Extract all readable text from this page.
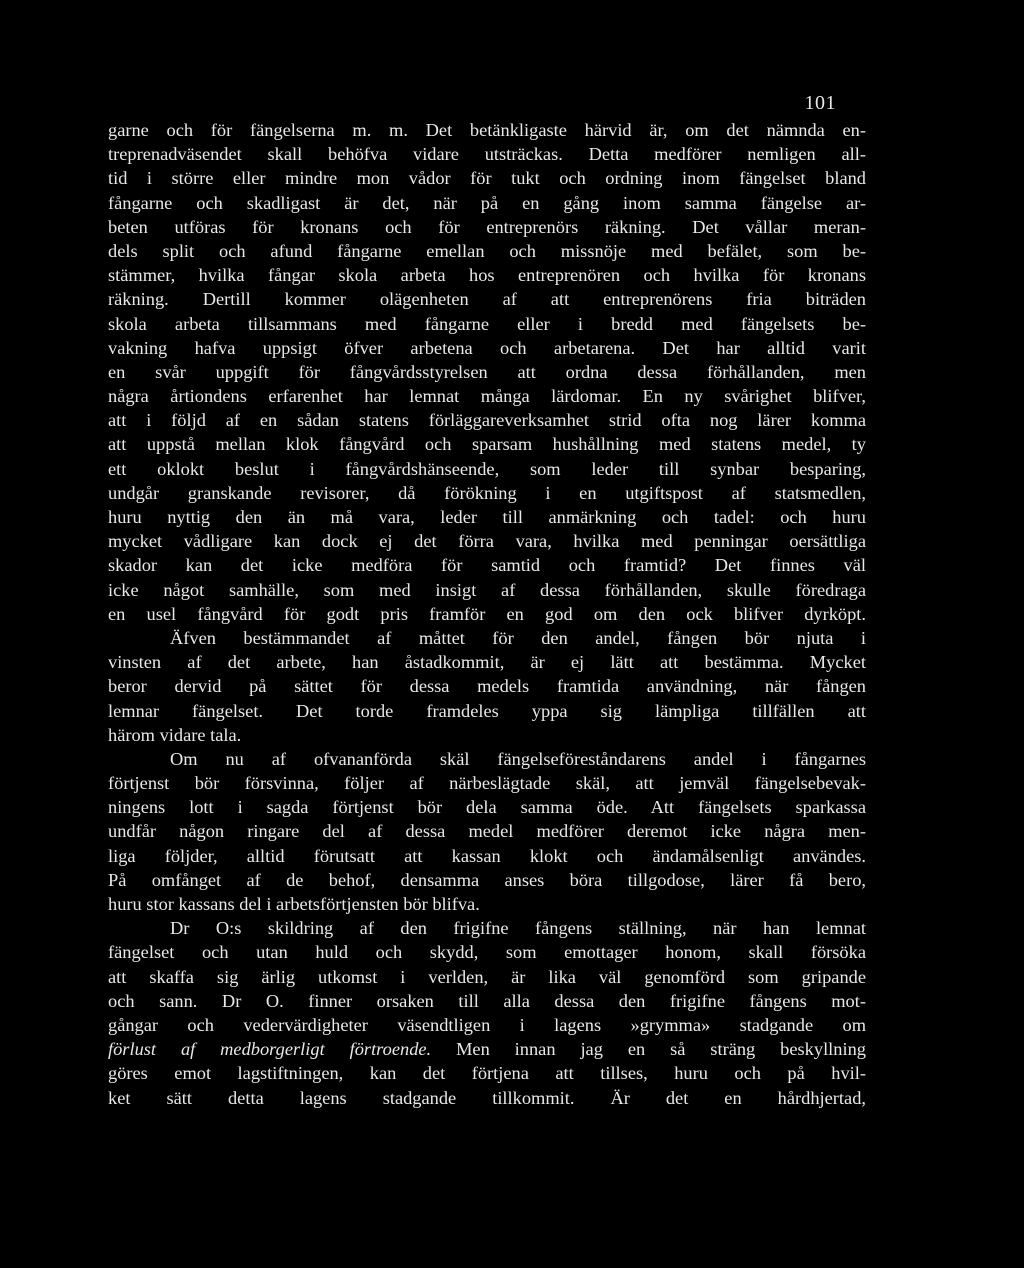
101
garne och för fängelserna m. m. Det betänkligaste härvid är, om det nämnda en-
treprenadväsendet skall behöfva vidare utsträckas. Detta medförer nemligen all-
tid i större eller mindre mon vådor för tukt och ordning inom fängelset bland
fångarne och skadligast är det, när på en gång inom samma fängelse ar-
beten utföras för kronans och för entreprenörs räkning. Det vållar meran-
dels split och afund fångarne emellan och missnöje med befälet, som be-
stämmer, hvilka fångar skola arbeta hos entreprenören och hvilka för kronans
räkning. Dertill kommer olägenheten af att entreprenörens fria biträden
skola arbeta tillsammans med fångarne eller i bredd med fängelsets be-
vakning hafva uppsigt öfver arbetena och arbetarena. Det har alltid varit
en svår uppgift för fångvårdsstyrelsen att ordna dessa förhållanden, men
några årtiondens erfarenhet har lemnat många lärdomar. En ny svårighet blifver,
att i följd af en sådan statens förläggareverksamhet strid ofta nog lärer komma
att uppstå mellan klok fångvård och sparsam hushållning med statens medel, ty
ett oklokt beslut i fångvårdshänseende, som leder till synbar besparing,
undgår granskande revisorer, då förökning i en utgiftspost af statsmedlen,
huru nyttig den än må vara, leder till anmärkning och tadel: och huru
mycket vådligare kan dock ej det förra vara, hvilka med penningar oersättliga
skador kan det icke medföra för samtid och framtid? Det finnes väl
icke något samhälle, som med insigt af dessa förhållanden, skulle föredraga
en usel fångvård för godt pris framför en god om den ock blifver dyrköpt.
Äfven bestämmandet af måttet för den andel, fången bör njuta i
vinsten af det arbete, han åstadkommit, är ej lätt att bestämma. Mycket
beror dervid på sättet för dessa medels framtida användning, när fången
lemnar fängelset. Det torde framdeles yppa sig lämpliga tillfällen att
härom vidare tala.
Om nu af ofvananförda skäl fängelseföreståndarens andel i fångarnes
förtjenst bör försvinna, följer af närbeslägtade skäl, att jemväl fängelsebevak-
ningens lott i sagda förtjenst bör dela samma öde. Att fängelsets sparkassa
undfår någon ringare del af dessa medel medförer deremot icke några men-
liga följder, alltid förutsatt att kassan klokt och ändamålsenligt användes.
På omfånget af de behof, densamma anses böra tillgodose, lärer få bero,
huru stor kassans del i arbetsförtjensten bör blifva.
Dr O:s skildring af den frigifne fångens ställning, när han lemnat
fängelset och utan huld och skydd, som emottager honom, skall försöka
att skaffa sig ärlig utkomst i verlden, är lika väl genomförd som gripande
och sann. Dr O. finner orsaken till alla dessa den frigifne fångens mot-
gångar och vedervärdigheter väsendtligen i lagens »grymma» stadgande om
förlust af medborgerligt förtroende. Men innan jag en så sträng beskyllning
göres emot lagstiftningen, kan det förtjena att tillses, huru och på hvil-
ket sätt detta lagens stadgande tillkommit. Är det en hårdhjertad,
